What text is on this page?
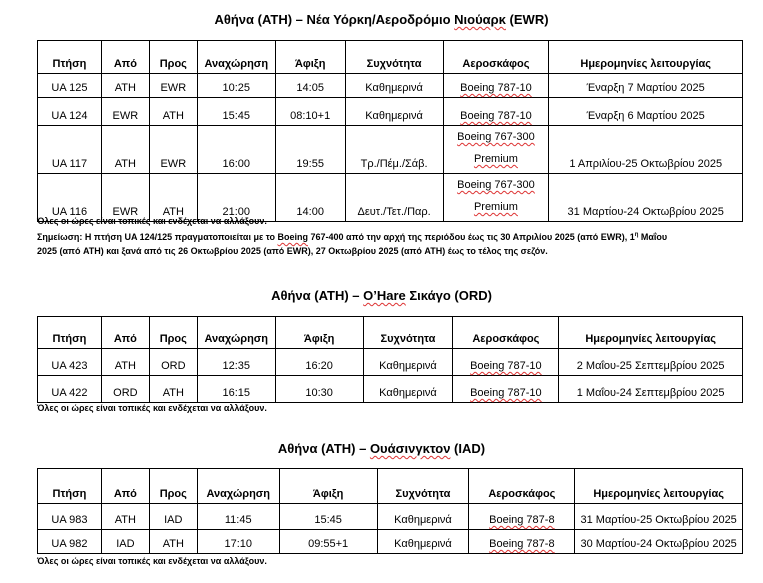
Αθήνα (ATH) – Νέα Υόρκη/Αεροδρόμιο Νιούαρκ (EWR)
Πτήση	Από	Προς	Αναχώρηση	Άφιξη	Συχνότητα	Αεροσκάφος	Ημερομηνίες λειτουργίας
UA 125	ATH	EWR	10:25	14:05	Καθημερινά	Boeing 787-10	Έναρξη 7 Μαρτίου 2025
UA 124	EWR	ATH	15:45	08:10+1	Καθημερινά	Boeing 787-10	Έναρξη 6 Μαρτίου 2025
UA 117	ATH	EWR	16:00	19:55	Τρ./Πέμ./Σάβ.	Boeing 767-300 Premium	1 Απριλίου-25 Οκτωβρίου 2025
UA 116	EWR	ATH	21:00	14:00	Δευτ./Τετ./Παρ.	Boeing 767-300 Premium	31 Μαρτίου-24 Οκτωβρίου 2025
Όλες οι ώρες είναι τοπικές και ενδέχεται να αλλάξουν.
Σημείωση: Η πτήση UA 124/125 πραγματοποιείται με το Boeing 767-400 από την αρχή της περιόδου έως τις 30 Απριλίου 2025 (από EWR), $1^\eta$ Μαΐου 2025 (από ATH) και ξανά από τις 26 Οκτωβρίου 2025 (από EWR), 27 Οκτωβρίου 2025 (από ATH) έως το τέλος της σεζόν.
Αθήνα (ATH) – O’Hare Σικάγο (ORD)
Πτήση	Από	Προς	Αναχώρηση	Άφιξη	Συχνότητα	Αεροσκάφος	Ημερομηνίες λειτουργίας
UA 423	ATH	ORD	12:35	16:20	Καθημερινά	Boeing 787-10	2 Μαΐου-25 Σεπτεμβρίου 2025
UA 422	ORD	ATH	16:15	10:30	Καθημερινά	Boeing 787-10	1 Μαΐου-24 Σεπτεμβρίου 2025
Όλες οι ώρες είναι τοπικές και ενδέχεται να αλλάξουν.
Αθήνα (ATH) – Ουάσινγκτον (IAD)
Πτήση	Από	Προς	Αναχώρηση	Άφιξη	Συχνότητα	Αεροσκάφος	Ημερομηνίες λειτουργίας
UA 983	ATH	IAD	11:45	15:45	Καθημερινά	Boeing 787-8	31 Μαρτίου-25 Οκτωβρίου 2025
UA 982	IAD	ATH	17:10	09:55+1	Καθημερινά	Boeing 787-8	30 Μαρτίου-24 Οκτωβρίου 2025
Όλες οι ώρες είναι τοπικές και ενδέχεται να αλλάξουν.
